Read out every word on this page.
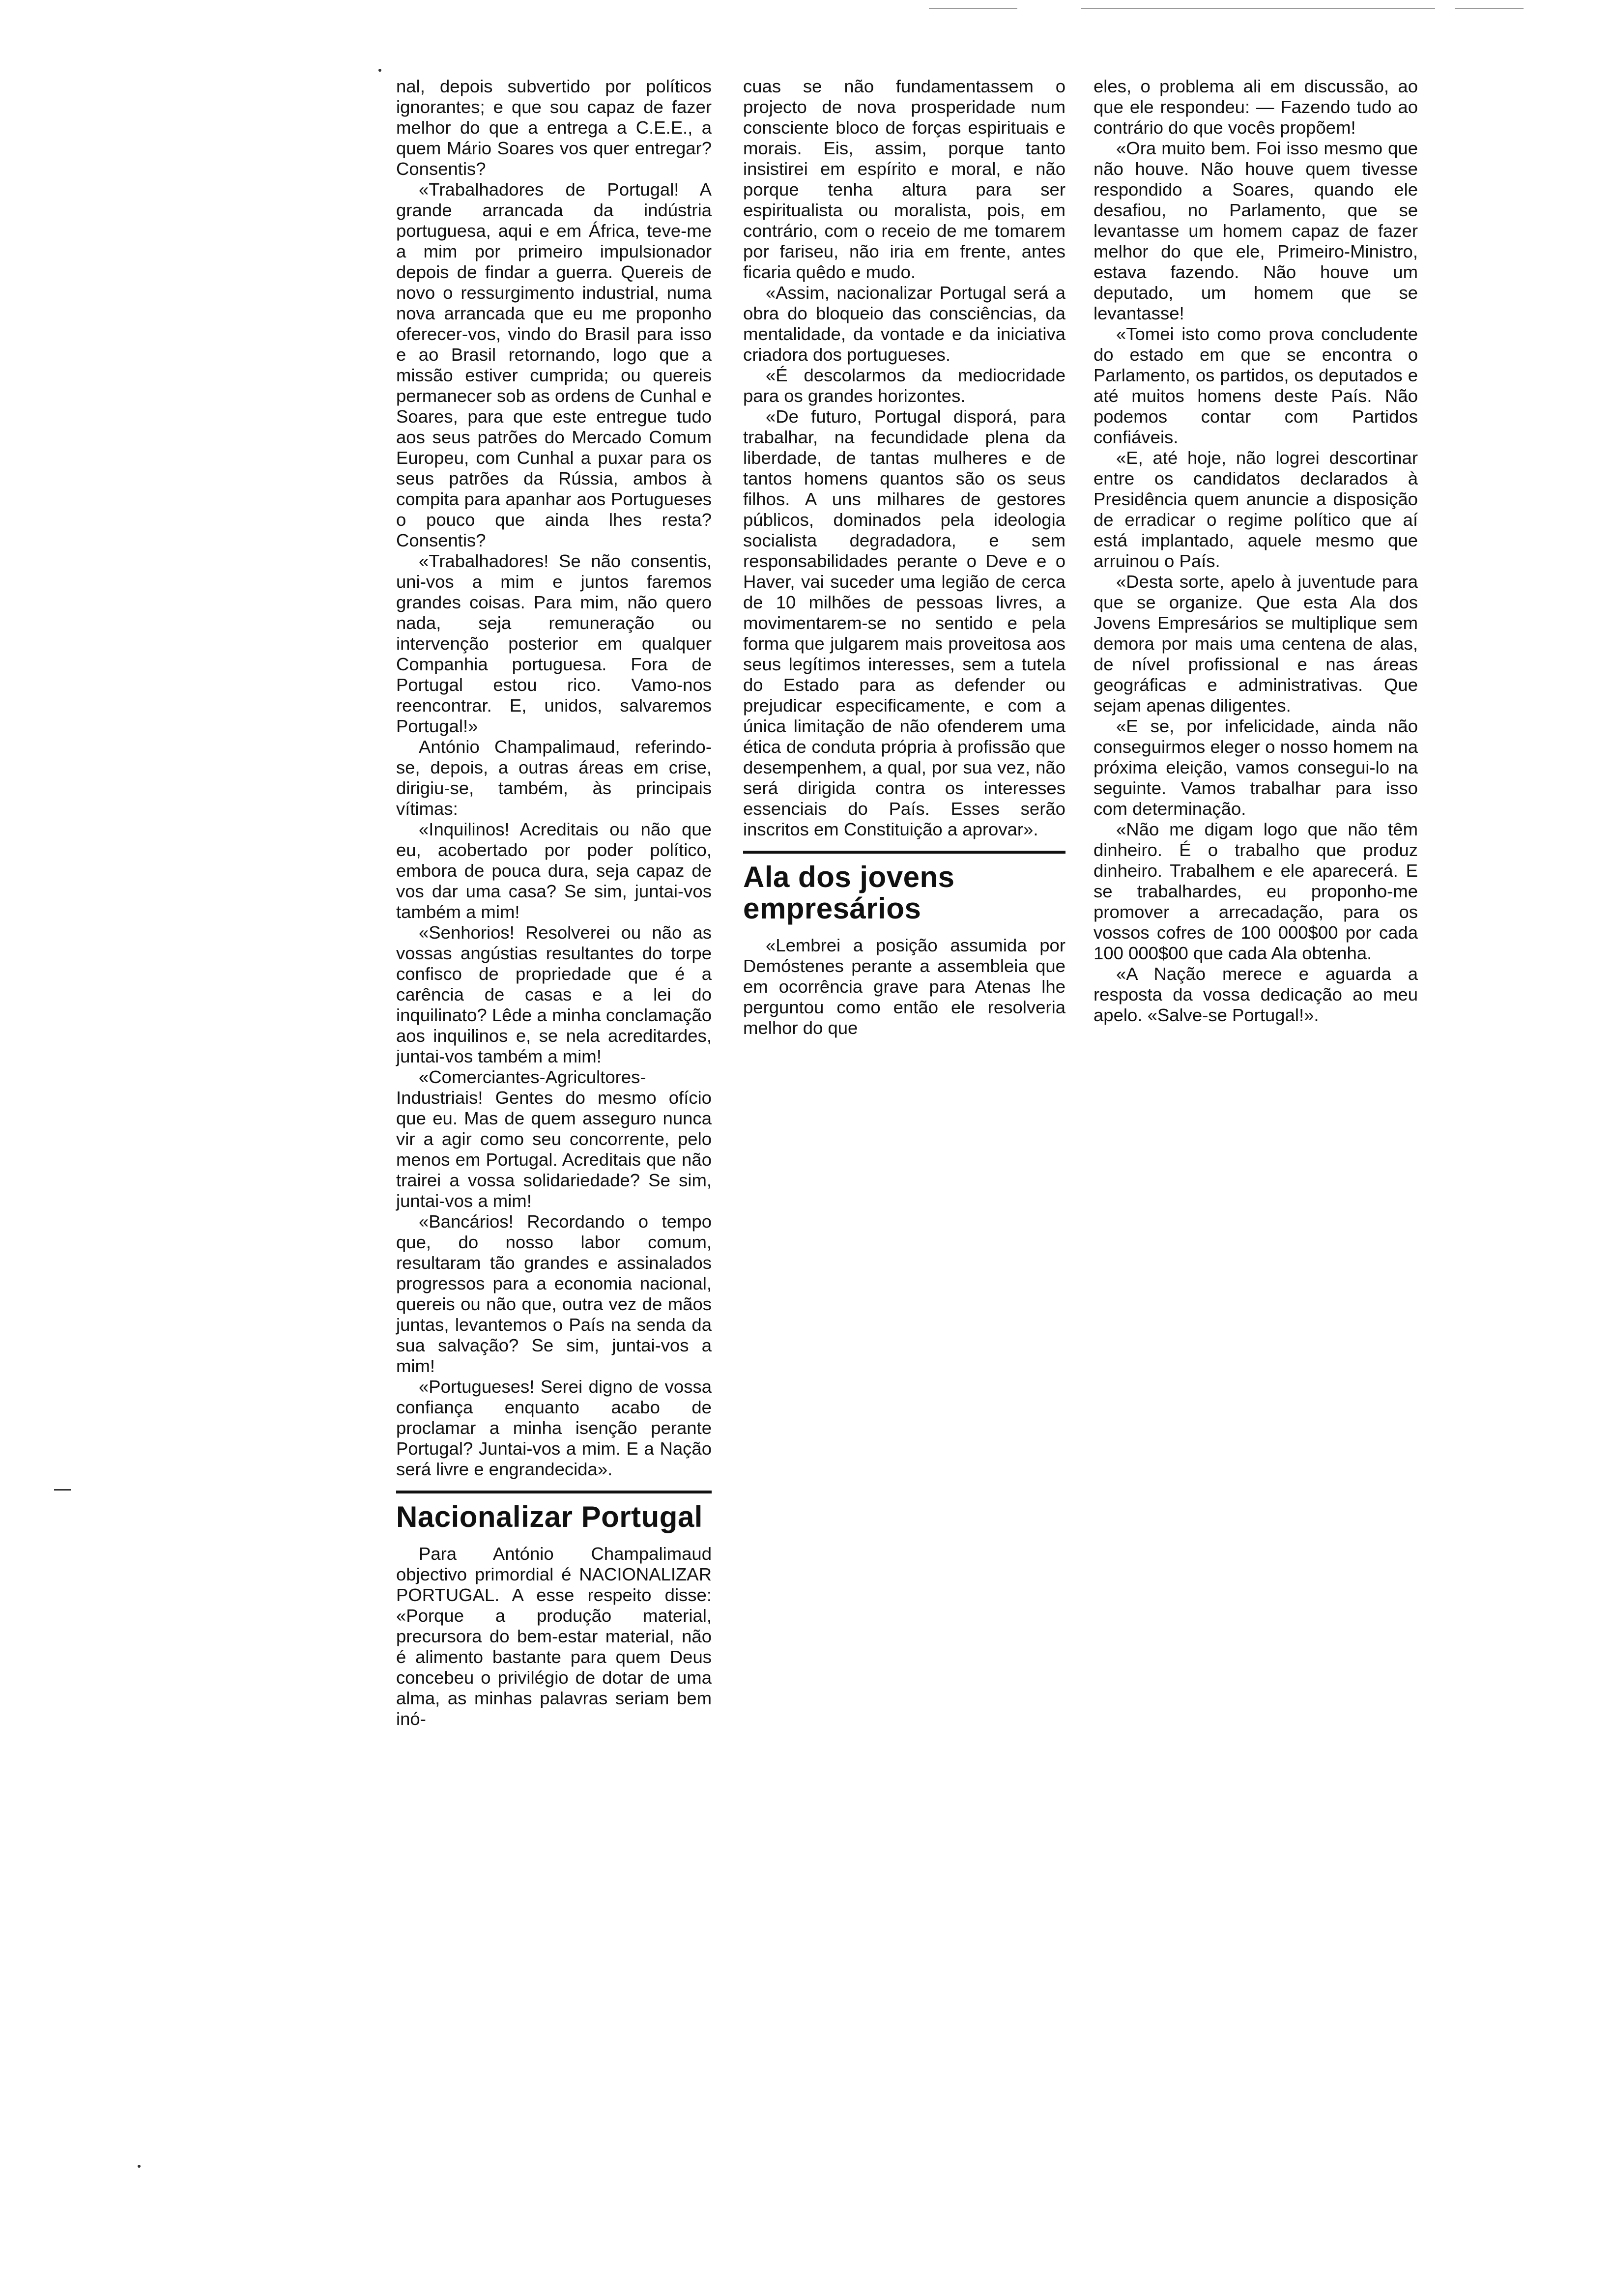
nal, depois subvertido por políticos ignorantes; e que sou capaz de fazer melhor do que a entrega a C.E.E., a quem Mário Soares vos quer entregar? Consentis?

«Trabalhadores de Portugal! A grande arrancada da indústria portuguesa, aqui e em África, teve-me a mim por primeiro impulsionador depois de findar a guerra. Quereis de novo o ressurgimento industrial, numa nova arrancada que eu me proponho oferecer-vos, vindo do Brasil para isso e ao Brasil retornando, logo que a missão estiver cumprida; ou quereis permanecer sob as ordens de Cunhal e Soares, para que este entregue tudo aos seus patrões do Mercado Comum Europeu, com Cunhal a puxar para os seus patrões da Rússia, ambos à compita para apanhar aos Portugueses o pouco que ainda lhes resta? Consentis?

«Trabalhadores! Se não consentis, uni-vos a mim e juntos faremos grandes coisas. Para mim, não quero nada, seja remuneração ou intervenção posterior em qualquer Companhia portuguesa. Fora de Portugal estou rico. Vamo-nos reencontrar. E, unidos, salvaremos Portugal!»

António Champalimaud, referindo-se, depois, a outras áreas em crise, dirigiu-se, também, às principais vítimas:

«Inquilinos! Acreditais ou não que eu, acobertado por poder político, embora de pouca dura, seja capaz de vos dar uma casa? Se sim, juntai-vos também a mim!

«Senhorios! Resolverei ou não as vossas angústias resultantes do torpe confisco de propriedade que é a carência de casas e a lei do inquilinato? Lêde a minha conclamação aos inquilinos e, se nela acreditardes, juntai-vos também a mim!

«Comerciantes-Agricultores-Industriais! Gentes do mesmo ofício que eu. Mas de quem asseguro nunca vir a agir como seu concorrente, pelo menos em Portugal. Acreditais que não trairei a vossa solidariedade? Se sim, juntai-vos a mim!

«Bancários! Recordando o tempo que, do nosso labor comum, resultaram tão grandes e assinalados progressos para a economia nacional, quereis ou não que, outra vez de mãos juntas, levantemos o País na senda da sua salvação? Se sim, juntai-vos a mim!

«Portugueses! Serei digno de vossa confiança enquanto acabo de proclamar a minha isenção perante Portugal? Juntai-vos a mim. E a Nação será livre e engrandecida».

Nacionalizar Portugal

Para António Champalimaud objectivo primordial é NACIONALIZAR PORTUGAL. A esse respeito disse: «Porque a produção material, precursora do bem-estar material, não é alimento bastante para quem Deus concebeu o privilégio de dotar de uma alma, as minhas palavras seriam bem inó-

cuas se não fundamentassem o projecto de nova prosperidade num consciente bloco de forças espirituais e morais. Eis, assim, porque tanto insistirei em espírito e moral, e não porque tenha altura para ser espiritualista ou moralista, pois, em contrário, com o receio de me tomarem por fariseu, não iria em frente, antes ficaria quêdo e mudo.

«Assim, nacionalizar Portugal será a obra do bloqueio das consciências, da mentalidade, da vontade e da iniciativa criadora dos portugueses.

«É descolarmos da mediocridade para os grandes horizontes.

«De futuro, Portugal disporá, para trabalhar, na fecundidade plena da liberdade, de tantas mulheres e de tantos homens quantos são os seus filhos. A uns milhares de gestores públicos, dominados pela ideologia socialista degradadora, e sem responsabilidades perante o Deve e o Haver, vai suceder uma legião de cerca de 10 milhões de pessoas livres, a movimentarem-se no sentido e pela forma que julgarem mais proveitosa aos seus legítimos interesses, sem a tutela do Estado para as defender ou prejudicar especificamente, e com a única limitação de não ofenderem uma ética de conduta própria à profissão que desempenhem, a qual, por sua vez, não será dirigida contra os interesses essenciais do País. Esses serão inscritos em Constituição a aprovar».

Ala dos jovens empresários

«Lembrei a posição assumida por Demóstenes perante a assembleia que em ocorrência grave para Atenas lhe perguntou como então ele resolveria melhor do que

eles, o problema ali em discussão, ao que ele respondeu: — Fazendo tudo ao contrário do que vocês propõem!

«Ora muito bem. Foi isso mesmo que não houve. Não houve quem tivesse respondido a Soares, quando ele desafiou, no Parlamento, que se levantasse um homem capaz de fazer melhor do que ele, Primeiro-Ministro, estava fazendo. Não houve um deputado, um homem que se levantasse!

«Tomei isto como prova concludente do estado em que se encontra o Parlamento, os partidos, os deputados e até muitos homens deste País. Não podemos contar com Partidos confiáveis.

«E, até hoje, não logrei descortinar entre os candidatos declarados à Presidência quem anuncie a disposição de erradicar o regime político que aí está implantado, aquele mesmo que arruinou o País.

«Desta sorte, apelo à juventude para que se organize. Que esta Ala dos Jovens Empresários se multiplique sem demora por mais uma centena de alas, de nível profissional e nas áreas geográficas e administrativas. Que sejam apenas diligentes.

«E se, por infelicidade, ainda não conseguirmos eleger o nosso homem na próxima eleição, vamos consegui-lo na seguinte. Vamos trabalhar para isso com determinação.

«Não me digam logo que não têm dinheiro. É o trabalho que produz dinheiro. Trabalhem e ele aparecerá. E se trabalhardes, eu proponho-me promover a arrecadação, para os vossos cofres de 100 000$00 por cada 100 000$00 que cada Ala obtenha.

«A Nação merece e aguarda a resposta da vossa dedicação ao meu apelo. «Salve-se Portugal!».
